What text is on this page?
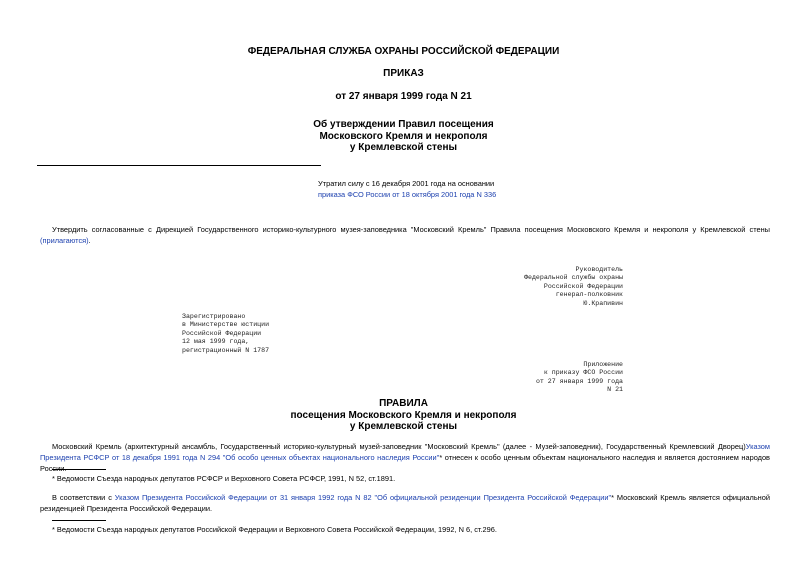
ФЕДЕРАЛЬНАЯ СЛУЖБА ОХРАНЫ РОССИЙСКОЙ ФЕДЕРАЦИИ
ПРИКАЗ
от 27 января 1999 года N 21
Об утверждении Правил посещения
Московского Кремля и некрополя
у Кремлевской стены
Утратил силу с 16 декабря 2001 года на основании
приказа ФСО России от 18 октября 2001 года N 336
Утвердить согласованные с Дирекцией Государственного историко-культурного музея-заповедника "Московский Кремль" Правила посещения Московского Кремля и некрополя у Кремлевской стены (прилагаются).
Руководитель
Федеральной службы охраны
Российской Федерации
генерал-полковник
Ю.Крапивин
Зарегистрировано
в Министерстве юстиции
Российской Федерации
12 мая 1999 года,
регистрационный N 1787
Приложение
к приказу ФСО России
от 27 января 1999 года
N 21
ПРАВИЛА
посещения Московского Кремля и некрополя
у Кремлевской стены
Московский Кремль (архитектурный ансамбль, Государственный историко-культурный музей-заповедник "Московский Кремль" (далее - Музей-заповедник), Государственный Кремлевский Дворец)Указом Президента РСФСР от 18 декабря 1991 года N 294 "Об особо ценных объектах национального наследия России"* отнесен к особо ценным объектам национального наследия и является достоянием народов России.
* Ведомости Съезда народных депутатов РСФСР и Верховного Совета РСФСР, 1991, N 52, ст.1891.
В соответствии с Указом Президента Российской Федерации от 31 января 1992 года N 82 "Об официальной резиденции Президента Российской Федерации"* Московский Кремль является официальной резиденцией Президента Российской Федерации.
* Ведомости Съезда народных депутатов Российской Федерации и Верховного Совета Российской Федерации, 1992, N 6, ст.296.
